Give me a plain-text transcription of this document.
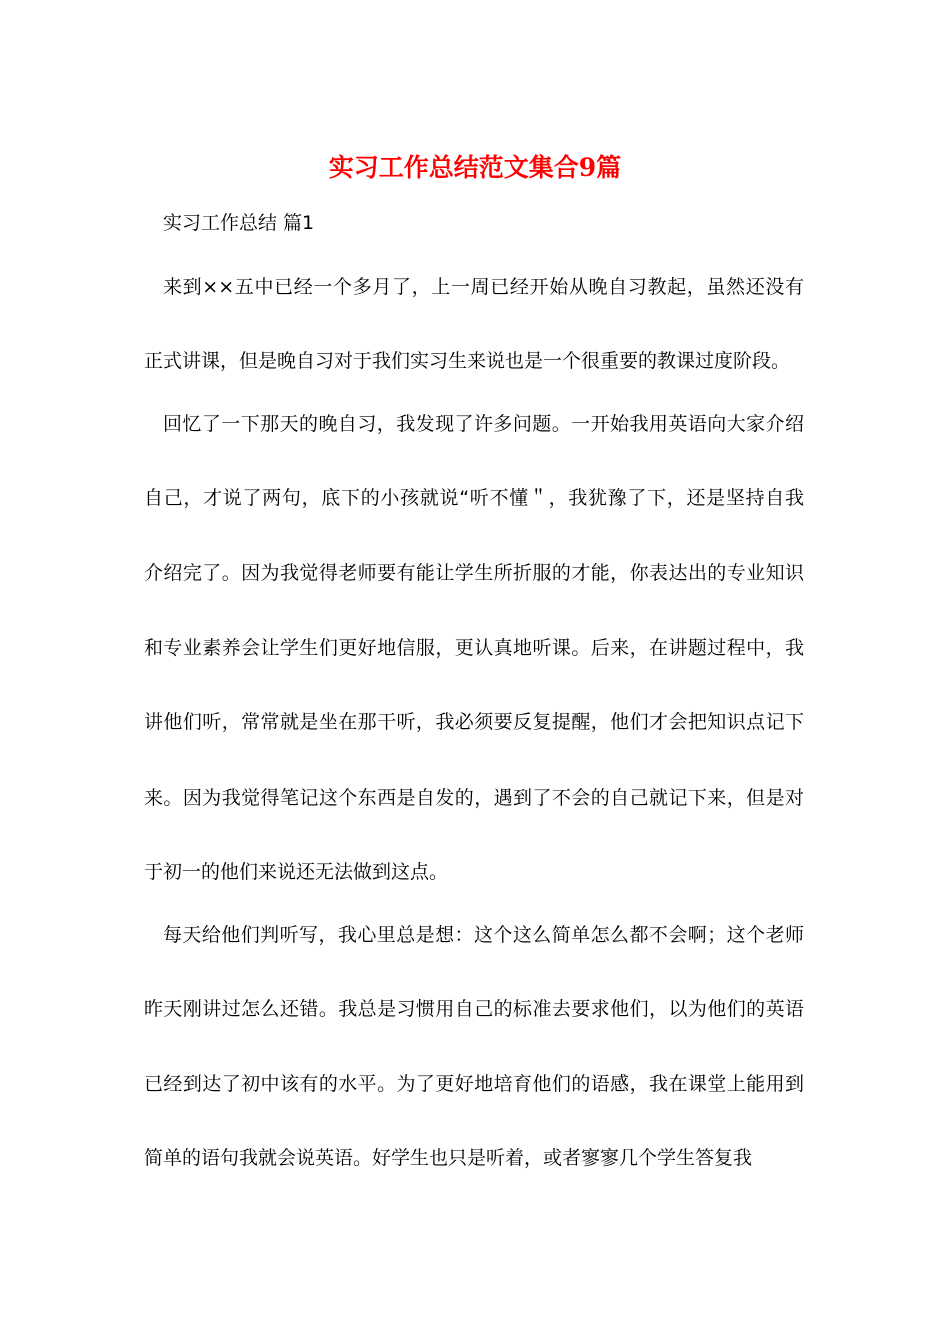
实习工作总结范文集合9篇

实习工作总结 篇1

来到××五中已经一个多月了，上一周已经开始从晚自习教起，虽然还没有

正式讲课，但是晚自习对于我们实习生来说也是一个很重要的教课过度阶段。

回忆了一下那天的晚自习，我发现了许多问题。一开始我用英语向大家介绍

自己，才说了两句，底下的小孩就说“听不懂＂，我犹豫了下，还是坚持自我

介绍完了。因为我觉得老师要有能让学生所折服的才能，你表达出的专业知识

和专业素养会让学生们更好地信服，更认真地听课。后来，在讲题过程中，我

讲他们听，常常就是坐在那干听，我必须要反复提醒，他们才会把知识点记下

来。因为我觉得笔记这个东西是自发的，遇到了不会的自己就记下来，但是对

于初一的他们来说还无法做到这点。

每天给他们判听写，我心里总是想：这个这么简单怎么都不会啊；这个老师

昨天刚讲过怎么还错。我总是习惯用自己的标准去要求他们，以为他们的英语

已经到达了初中该有的水平。为了更好地培育他们的语感，我在课堂上能用到

简单的语句我就会说英语。好学生也只是听着，或者寥寥几个学生答复我
